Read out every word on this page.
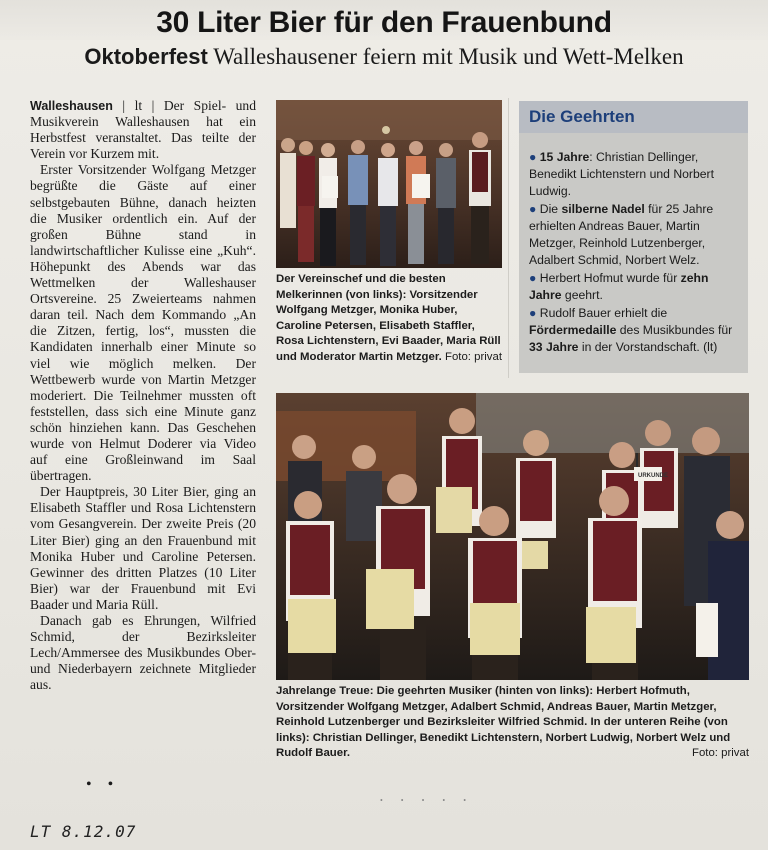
30 Liter Bier für den Frauenbund
Oktoberfest Walleshausener feiern mit Musik und Wett-Melken

Walleshausen | lt | Der Spiel- und Musikverein Walleshausen hat ein Herbstfest veranstaltet. Das teilte der Verein vor Kurzem mit.

Erster Vorsitzender Wolfgang Metzger begrüßte die Gäste auf einer selbstgebauten Bühne, danach heizten die Musiker ordentlich ein. Auf der großen Bühne stand in landwirtschaftlicher Kulisse eine „Kuh“. Höhepunkt des Abends war das Wettmelken der Walleshauser Ortsvereine. 25 Zweierteams nahmen daran teil. Nach dem Kommando „An die Zitzen, fertig, los“, mussten die Kandidaten innerhalb einer Minute so viel wie möglich melken. Der Wettbewerb wurde von Martin Metzger moderiert. Die Teilnehmer mussten oft feststellen, dass sich eine Minute ganz schön hinziehen kann. Das Geschehen wurde von Helmut Doderer via Video auf eine Großleinwand im Saal übertragen.

Der Hauptpreis, 30 Liter Bier, ging an Elisabeth Staffler und Rosa Lichtenstern vom Gesangverein. Der zweite Preis (20 Liter Bier) ging an den Frauenbund mit Monika Huber und Caroline Petersen. Gewinner des dritten Platzes (10 Liter Bier) war der Frauenbund mit Evi Baader und Maria Rüll.

Danach gab es Ehrungen, Wilfried Schmid, der Bezirksleiter Lech/Ammersee des Musikbundes Ober- und Niederbayern zeichnete Mitglieder aus.

• •
Der Vereinschef und die besten Melkerinnen (von links): Vorsitzender Wolfgang Metzger, Monika Huber, Caroline Petersen, Elisabeth Staffler, Rosa Lichtenstern, Evi Baader, Maria Rüll und Moderator Martin Metzger. Foto: privat
Die Geehrten
● 15 Jahre: Christian Dellinger, Benedikt Lichtenstern und Norbert Ludwig.
● Die silberne Nadel für 25 Jahre erhielten Andreas Bauer, Martin Metzger, Reinhold Lutzenberger, Adalbert Schmid, Norbert Welz.
● Herbert Hofmut wurde für zehn Jahre geehrt.
● Rudolf Bauer erhielt die Fördermedaille des Musikbundes für 33 Jahre in der Vorstandschaft. (lt)
URKUNDE
Jahrelange Treue: Die geehrten Musiker (hinten von links): Herbert Hofmuth, Vorsitzender Wolfgang Metzger, Adalbert Schmid, Andreas Bauer, Martin Metzger, Reinhold Lutzenberger und Bezirksleiter Wilfried Schmid. In der unteren Reihe (von links): Christian Dellinger, Benedikt Lichtenstern, Norbert Ludwig, Norbert Welz und Rudolf Bauer.	Foto: privat
• • • • •
LT 8.12.07
